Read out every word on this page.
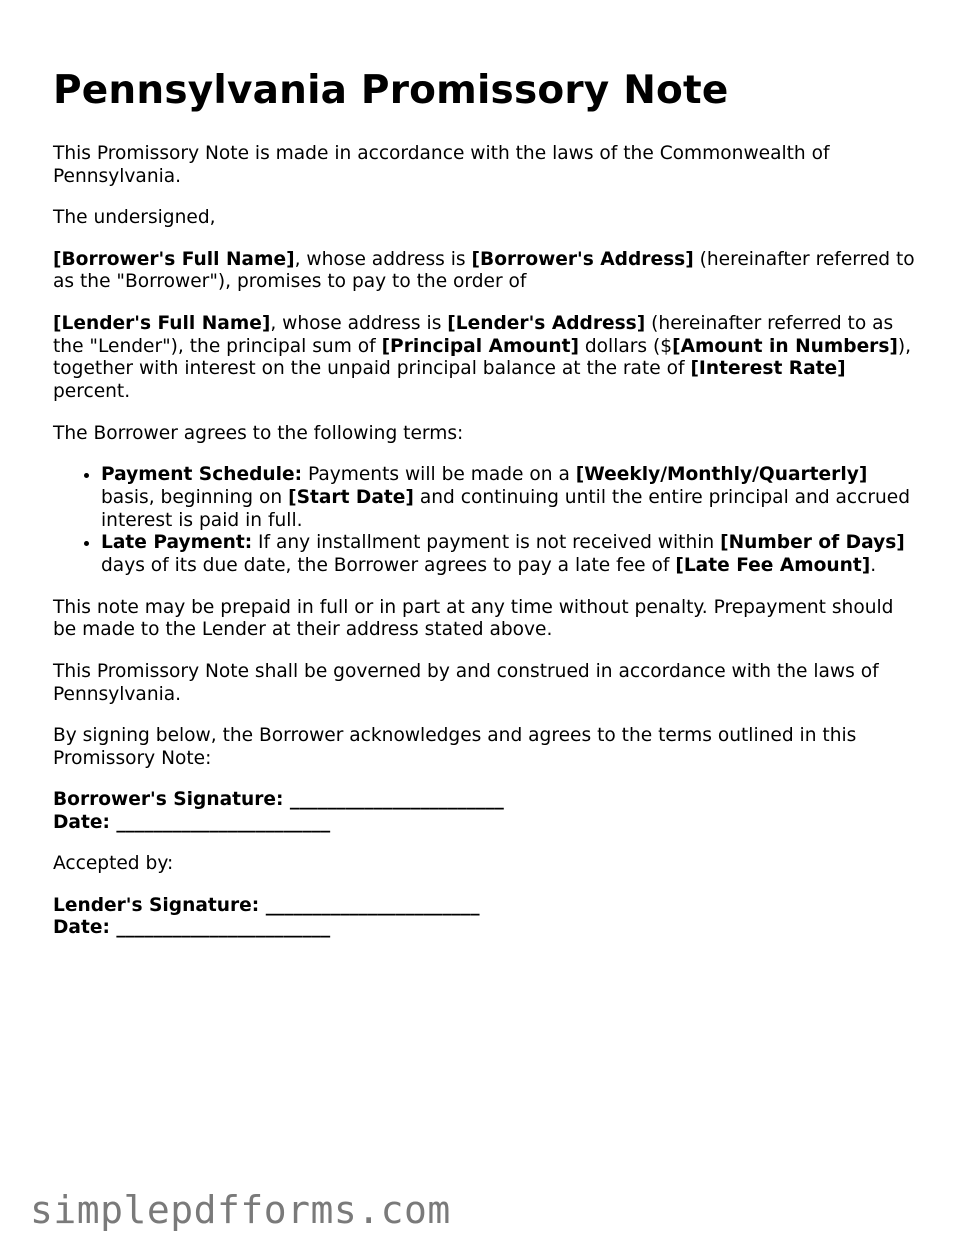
Pennsylvania Promissory Note

This Promissory Note is made in accordance with the laws of the Commonwealth of Pennsylvania.

The undersigned,

[Borrower's Full Name], whose address is [Borrower's Address] (hereinafter referred to as the "Borrower"), promises to pay to the order of

[Lender's Full Name], whose address is [Lender's Address] (hereinafter referred to as the "Lender"), the principal sum of [Principal Amount] dollars ($[Amount in Numbers]), together with interest on the unpaid principal balance at the rate of [Interest Rate] percent.

The Borrower agrees to the following terms:

• Payment Schedule: Payments will be made on a [Weekly/Monthly/Quarterly] basis, beginning on [Start Date] and continuing until the entire principal and accrued interest is paid in full.
• Late Payment: If any installment payment is not received within [Number of Days] days of its due date, the Borrower agrees to pay a late fee of [Late Fee Amount].

This note may be prepaid in full or in part at any time without penalty. Prepayment should be made to the Lender at their address stated above.

This Promissory Note shall be governed by and construed in accordance with the laws of Pennsylvania.

By signing below, the Borrower acknowledges and agrees to the terms outlined in this Promissory Note:

Borrower's Signature: _______________________
Date: _______________________

Accepted by:

Lender's Signature: _______________________
Date: _______________________
simplepdfforms.com
